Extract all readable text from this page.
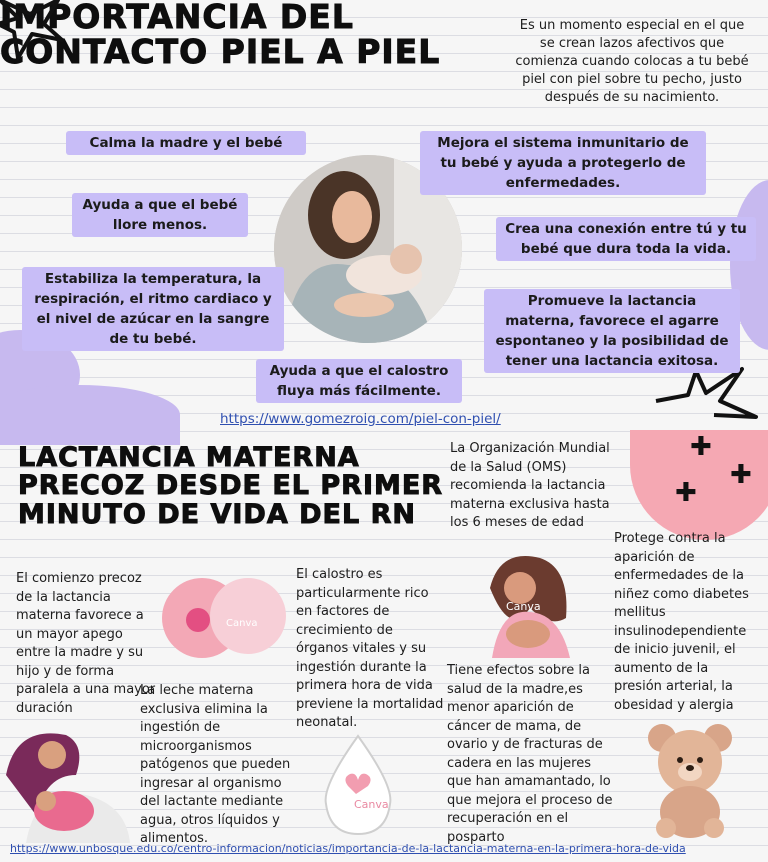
✚
✚
✚
IMPORTANCIA DEL
CONTACTO PIEL A PIEL
Es un momento especial en el que se crean lazos afectivos que comienza cuando colocas a tu bebé piel con piel sobre tu pecho, justo después de su nacimiento.
Calma la madre y el bebé	Mejora el sistema inmunitario de tu bebé y ayuda a protegerlo de enfermedades.
Ayuda a que el bebé llore menos.	Crea una conexión entre tú y tu bebé que dura toda la vida.
Estabiliza la temperatura, la respiración, el ritmo cardiaco y el nivel de azúcar en la sangre de tu bebé.
Promueve la lactancia materna, favorece el agarre espontaneo y la posibilidad de tener una lactancia exitosa.
Ayuda a que el calostro fluya más fácilmente.
https://www.gomezroig.com/piel-con-piel/
LACTANCIA MATERNA
PRECOZ DESDE EL PRIMER
MINUTO DE VIDA DEL RN
La Organización Mundial de la Salud (OMS) recomienda la lactancia materna exclusiva hasta los 6 meses de edad
El comienzo precoz de la lactancia materna favorece a un mayor apego entre la madre y su hijo y de forma paralela a una mayor duración
Canva
El calostro es particularmente rico en factores de crecimiento de órganos vitales y su ingestión durante la primera hora de vida previene la mortalidad neonatal.
Canva
Protege contra la aparición de enfermedades de la niñez como diabetes mellitus insulinodependiente de inicio juvenil, el aumento de la presión arterial, la obesidad y alergia
La leche materna exclusiva elimina la ingestión de microorganismos patógenos que pueden ingresar al organismo del lactante mediante agua, otros líquidos y alimentos.
Tiene efectos sobre la salud de la madre,es menor aparición de cáncer de mama, de ovario y de fracturas de cadera en las mujeres que han amamantado, lo que mejora el proceso de recuperación en el posparto
Canva
https://www.unbosque.edu.co/centro-informacion/noticias/importancia-de-la-lactancia-materna-en-la-primera-hora-de-vida
